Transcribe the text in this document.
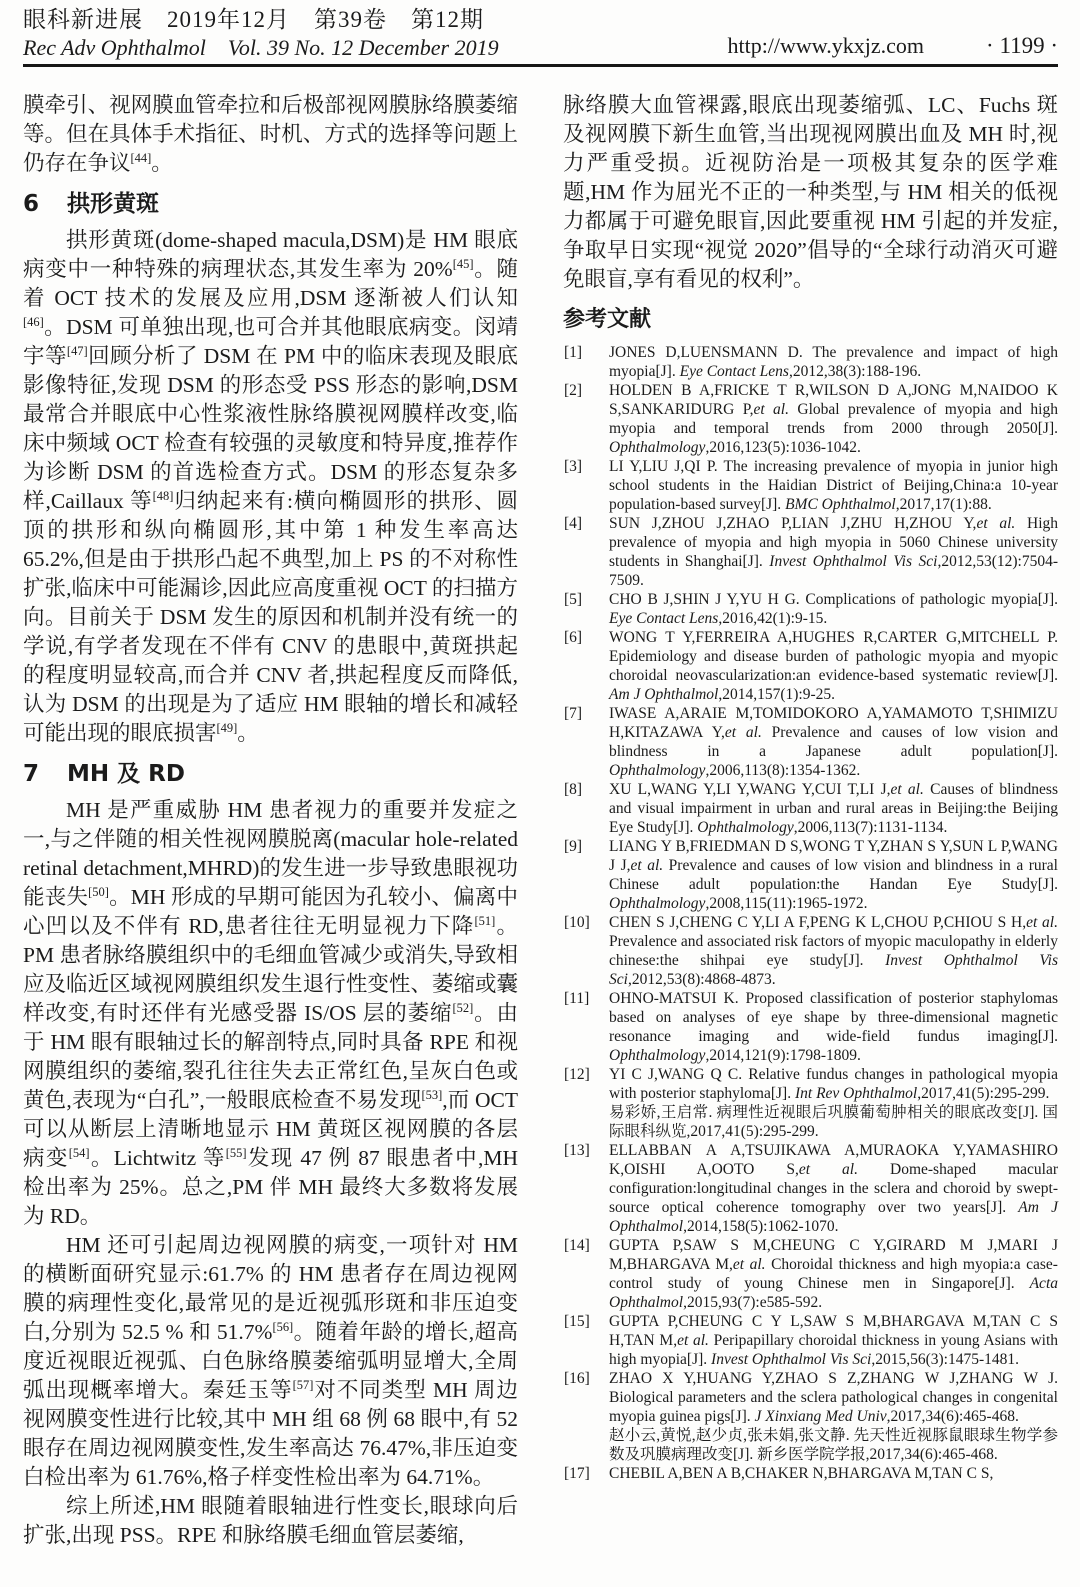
眼科新进展　2019年12月　第39卷　第12期
Rec Adv Ophthalmol　Vol. 39 No. 12 December 2019	http://www.ykxjz.com	· 1199 ·

膜牵引、视网膜血管牵拉和后极部视网膜脉络膜萎缩等。但在具体手术指征、时机、方式的选择等问题上仍存在争议[44]。

6 拱形黄斑

拱形黄斑(dome-shaped macula,DSM)是 HM 眼底病变中一种特殊的病理状态,其发生率为 20%[45]。随着 OCT 技术的发展及应用,DSM 逐渐被人们认知[46]。DSM 可单独出现,也可合并其他眼底病变。闵靖宇等[47]回顾分析了 DSM 在 PM 中的临床表现及眼底影像特征,发现 DSM 的形态受 PSS 形态的影响,DSM 最常合并眼底中心性浆液性脉络膜视网膜样改变,临床中频域 OCT 检查有较强的灵敏度和特异度,推荐作为诊断 DSM 的首选检查方式。DSM 的形态复杂多样,Caillaux 等[48]归纳起来有:横向椭圆形的拱形、圆顶的拱形和纵向椭圆形,其中第 1 种发生率高达 65.2%,但是由于拱形凸起不典型,加上 PS 的不对称性扩张,临床中可能漏诊,因此应高度重视 OCT 的扫描方向。目前关于 DSM 发生的原因和机制并没有统一的学说,有学者发现在不伴有 CNV 的患眼中,黄斑拱起的程度明显较高,而合并 CNV 者,拱起程度反而降低,认为 DSM 的出现是为了适应 HM 眼轴的增长和减轻可能出现的眼底损害[49]。

7 MH 及 RD

MH 是严重威胁 HM 患者视力的重要并发症之一,与之伴随的相关性视网膜脱离(macular hole-related retinal detachment,MHRD)的发生进一步导致患眼视功能丧失[50]。MH 形成的早期可能因为孔较小、偏离中心凹以及不伴有 RD,患者往往无明显视力下降[51]。PM 患者脉络膜组织中的毛细血管减少或消失,导致相应及临近区域视网膜组织发生退行性变性、萎缩或囊样改变,有时还伴有光感受器 IS/OS 层的萎缩[52]。由于 HM 眼有眼轴过长的解剖特点,同时具备 RPE 和视网膜组织的萎缩,裂孔往往失去正常红色,呈灰白色或黄色,表现为“白孔”,一般眼底检查不易发现[53],而 OCT 可以从断层上清晰地显示 HM 黄斑区视网膜的各层病变[54]。Lichtwitz 等[55]发现 47 例 87 眼患者中,MH 检出率为 25%。总之,PM 伴 MH 最终大多数将发展为 RD。

HM 还可引起周边视网膜的病变,一项针对 HM 的横断面研究显示:61.7% 的 HM 患者存在周边视网膜的病理性变化,最常见的是近视弧形斑和非压迫变白,分别为 52.5 % 和 51.7%[56]。随着年龄的增长,超高度近视眼近视弧、白色脉络膜萎缩弧明显增大,全周弧出现概率增大。秦廷玉等[57]对不同类型 MH 周边视网膜变性进行比较,其中 MH 组 68 例 68 眼中,有 52 眼存在周边视网膜变性,发生率高达 76.47%,非压迫变白检出率为 61.76%,格子样变性检出率为 64.71%。

综上所述,HM 眼随着眼轴进行性变长,眼球向后扩张,出现 PSS。RPE 和脉络膜毛细血管层萎缩,

脉络膜大血管裸露,眼底出现萎缩弧、LC、Fuchs 斑及视网膜下新生血管,当出现视网膜出血及 MH 时,视力严重受损。近视防治是一项极其复杂的医学难题,HM 作为屈光不正的一种类型,与 HM 相关的低视力都属于可避免眼盲,因此要重视 HM 引起的并发症,争取早日实现“视觉 2020”倡导的“全球行动消灭可避免眼盲,享有看见的权利”。

参考文献
[1] JONES D,LUENSMANN D. The prevalence and impact of high myopia[J]. Eye Contact Lens,2012,38(3):188-196.
[2] HOLDEN B A,FRICKE T R,WILSON D A,JONG M,NAIDOO K S,SANKARIDURG P,et al. Global prevalence of myopia and high myopia and temporal trends from 2000 through 2050[J]. Ophthalmology,2016,123(5):1036-1042.
[3] LI Y,LIU J,QI P. The increasing prevalence of myopia in junior high school students in the Haidian District of Beijing,China:a 10-year population-based survey[J]. BMC Ophthalmol,2017,17(1):88.
[4] SUN J,ZHOU J,ZHAO P,LIAN J,ZHU H,ZHOU Y,et al. High prevalence of myopia and high myopia in 5060 Chinese university students in Shanghai[J]. Invest Ophthalmol Vis Sci,2012,53(12):7504-7509.
[5] CHO B J,SHIN J Y,YU H G. Complications of pathologic myopia[J]. Eye Contact Lens,2016,42(1):9-15.
[6] WONG T Y,FERREIRA A,HUGHES R,CARTER G,MITCHELL P. Epidemiology and disease burden of pathologic myopia and myopic choroidal neovascularization:an evidence-based systematic review[J]. Am J Ophthalmol,2014,157(1):9-25.
[7] IWASE A,ARAIE M,TOMIDOKORO A,YAMAMOTO T,SHIMIZU H,KITAZAWA Y,et al. Prevalence and causes of low vision and blindness in a Japanese adult population[J]. Ophthalmology,2006,113(8):1354-1362.
[8] XU L,WANG Y,LI Y,WANG Y,CUI T,LI J,et al. Causes of blindness and visual impairment in urban and rural areas in Beijing:the Beijing Eye Study[J]. Ophthalmology,2006,113(7):1131-1134.
[9] LIANG Y B,FRIEDMAN D S,WONG T Y,ZHAN S Y,SUN L P,WANG J J,et al. Prevalence and causes of low vision and blindness in a rural Chinese adult population:the Handan Eye Study[J]. Ophthalmology,2008,115(11):1965-1972.
[10] CHEN S J,CHENG C Y,LI A F,PENG K L,CHOU P,CHIOU S H,et al. Prevalence and associated risk factors of myopic maculopathy in elderly chinese:the shihpai eye study[J]. Invest Ophthalmol Vis Sci,2012,53(8):4868-4873.
[11] OHNO-MATSUI K. Proposed classification of posterior staphylomas based on analyses of eye shape by three-dimensional magnetic resonance imaging and wide-field fundus imaging[J]. Ophthalmology,2014,121(9):1798-1809.
[12] YI C J,WANG Q C. Relative fundus changes in pathological myopia with posterior staphyloma[J]. Int Rev Ophthalmol,2017,41(5):295-299.
易彩娇,王启常. 病理性近视眼后巩膜葡萄肿相关的眼底改变[J]. 国际眼科纵览,2017,41(5):295-299.
[13] ELLABBAN A A,TSUJIKAWA A,MURAOKA Y,YAMASHIRO K,OISHI A,OOTO S,et al. Dome-shaped macular configuration:longitudinal changes in the sclera and choroid by swept-source optical coherence tomography over two years[J]. Am J Ophthalmol,2014,158(5):1062-1070.
[14] GUPTA P,SAW S M,CHEUNG C Y,GIRARD M J,MARI J M,BHARGAVA M,et al. Choroidal thickness and high myopia:a case-control study of young Chinese men in Singapore[J]. Acta Ophthalmol,2015,93(7):e585-592.
[15] GUPTA P,CHEUNG C Y L,SAW S M,BHARGAVA M,TAN C S H,TAN M,et al. Peripapillary choroidal thickness in young Asians with high myopia[J]. Invest Ophthalmol Vis Sci,2015,56(3):1475-1481.
[16] ZHAO X Y,HUANG Y,ZHAO S Z,ZHANG W J,ZHANG W J. Biological parameters and the sclera pathological changes in congenital myopia guinea pigs[J]. J Xinxiang Med Univ,2017,34(6):465-468.
赵小云,黄悦,赵少贞,张未娟,张文静. 先天性近视豚鼠眼球生物学参数及巩膜病理改变[J]. 新乡医学院学报,2017,34(6):465-468.
[17] CHEBIL A,BEN A B,CHAKER N,BHARGAVA M,TAN C S,
